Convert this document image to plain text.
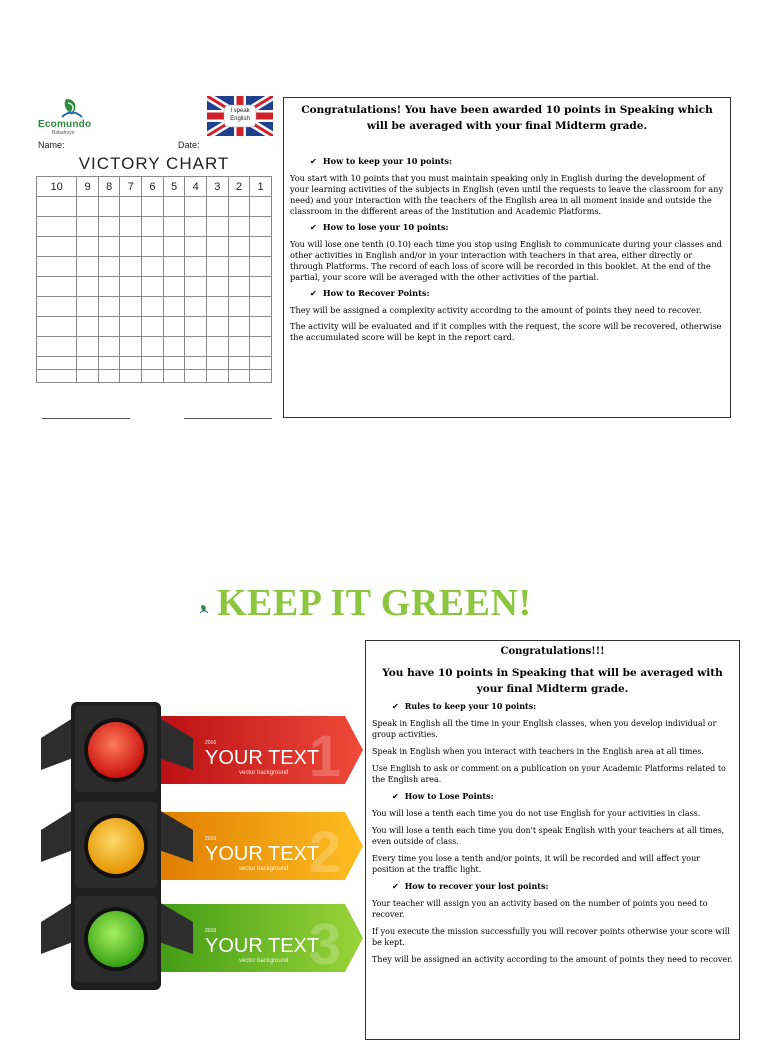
Ecomundo
Babahoyo
I speak English
Name:	Date:
VICTORY CHART
10	9	8	7	6	5	4	3	2	1

Congratulations! You have been awarded 10 points in Speaking which will be averaged with your final Midterm grade.
✔ How to keep your 10 points:

You start with 10 points that you must maintain speaking only in English during the development of your learning activities of the subjects in English (even until the requests to leave the classroom for any need) and your interaction with the teachers of the English area in all moment inside and outside the classroom in the different areas of the Institution and Academic Platforms.

✔ How to lose your 10 points:

You will lose one tenth (0.10) each time you stop using English to communicate during your classes and other activities in English and/or in your interaction with teachers in that area, either directly or through Platforms. The record of each loss of score will be recorded in this booklet. At the end of the partial, your score will be averaged with the other activities of the partial.

✔ How to Recover Points:

They will be assigned a complexity activity according to the amount of points they need to recover.

The activity will be evaluated and if it complies with the request, the score will be recovered, otherwise the accumulated score will be kept in the report card.

KEEP IT GREEN!
1
2
3
2016
2016
2016
YOUR TEXT
YOUR TEXT
YOUR TEXT
vector background
vector background
vector background
Congratulations!!!
You have 10 points in Speaking that will be averaged with your final Midterm grade.
✔ Rules to keep your 10 points:

Speak in English all the time in your English classes, when you develop individual or group activities.

Speak in English when you interact with teachers in the English area at all times.

Use English to ask or comment on a publication on your Academic Platforms related to the English area.

✔ How to Lose Points:

You will lose a tenth each time you do not use English for your activities in class.

You will lose a tenth each time you don't speak English with your teachers at all times, even outside of class.

Every time you lose a tenth and/or points, it will be recorded and will affect your position at the traffic light.

✔ How to recover your lost points:

Your teacher will assign you an activity based on the number of points you need to recover.

If you execute the mission successfully you will recover points otherwise your score will be kept.

They will be assigned an activity according to the amount of points they need to recover.
